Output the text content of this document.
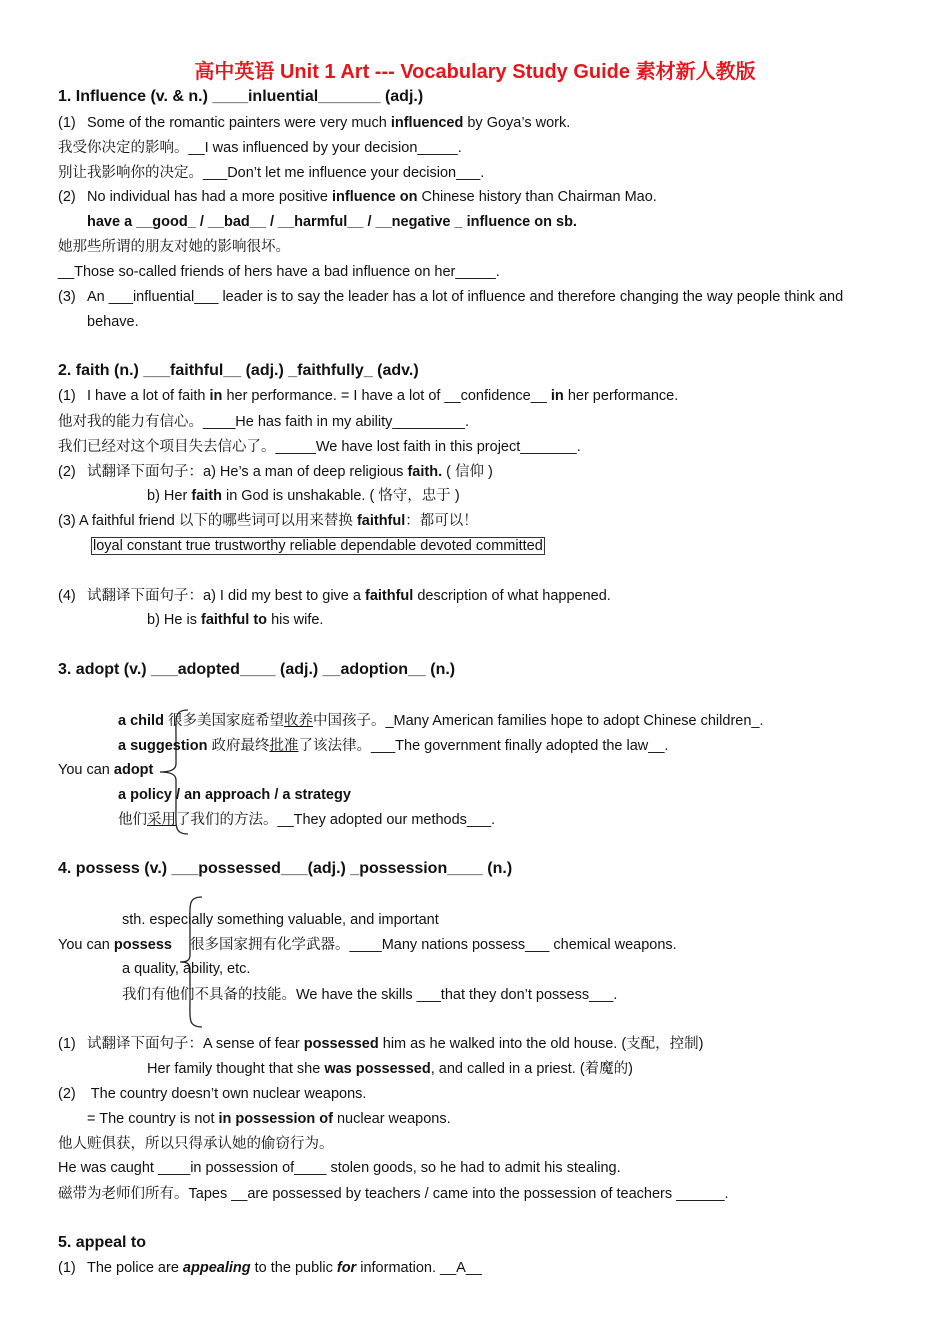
高中英语 Unit 1 Art --- Vocabulary Study Guide 素材新人教版
1. Influence (v. & n.) ____inluential_______ (adj.)
(1) Some of the romantic painters were very much influenced by Goya’s work.
我受你决定的影响。__I was influenced by your decision_____.
别让我影响你的决定。___Don’t let me influence your decision___.
(2) No individual has had a more positive influence on Chinese history than Chairman Mao.
have a __good_ / __bad__ / __harmful__ / __negative _ influence on sb.
她那些所谓的朋友对她的影响很坏。
__Those so-called friends of hers have a bad influence on her_____.
(3) An ___influential___ leader is to say the leader has a lot of influence and therefore changing the way people think and
behave.
2. faith (n.) ___faithful__ (adj.) _faithfully_ (adv.)
(1) I have a lot of faith in her performance. = I have a lot of __confidence__ in her performance.
他对我的能力有信心。____He has faith in my ability_________.
我们已经对这个项目失去信心了。_____We have lost faith in this project_______.
(2) 试翻译下面句子：a) He’s a man of deep religious faith. ( 信仰 )
b) Her faith in God is unshakable. ( 恪守，忠于 )
(3) A faithful friend 以下的哪些词可以用来替换 faithful：都可以！
loyal constant true trustworthy reliable dependable devoted committed
(4) 试翻译下面句子：a) I did my best to give a faithful description of what happened.
b) He is faithful to his wife.
3. adopt (v.) ___adopted____ (adj.) __adoption__ (n.)
a child 很多美国家庭希望收养中国孩子。_Many American families hope to adopt Chinese children_.
a suggestion 政府最终批准了该法律。___The government finally adopted the law__.
You can adopt
a policy / an approach / a strategy
他们采用了我们的方法。__They adopted our methods___.
4. possess (v.) ___possessed___(adj.) _possession____ (n.)
sth. especially something valuable, and important
You can possess 很多国家拥有化学武器。____Many nations possess___ chemical weapons.
a quality, ability, etc.
我们有他们不具备的技能。We have the skills ___that they don’t possess___.
(1) 试翻译下面句子：A sense of fear possessed him as he walked into the old house. (支配，控制)
Her family thought that she was possessed, and called in a priest. (着魔的)
(2) The country doesn’t own nuclear weapons.
= The country is not in possession of nuclear weapons.
他人赃俱获，所以只得承认她的偷窃行为。
He was caught ____in possession of____ stolen goods, so he had to admit his stealing.
磁带为老师们所有。Tapes __are possessed by teachers / came into the possession of teachers ______.
5. appeal to
(1) The police are appealing to the public for information. __A__
